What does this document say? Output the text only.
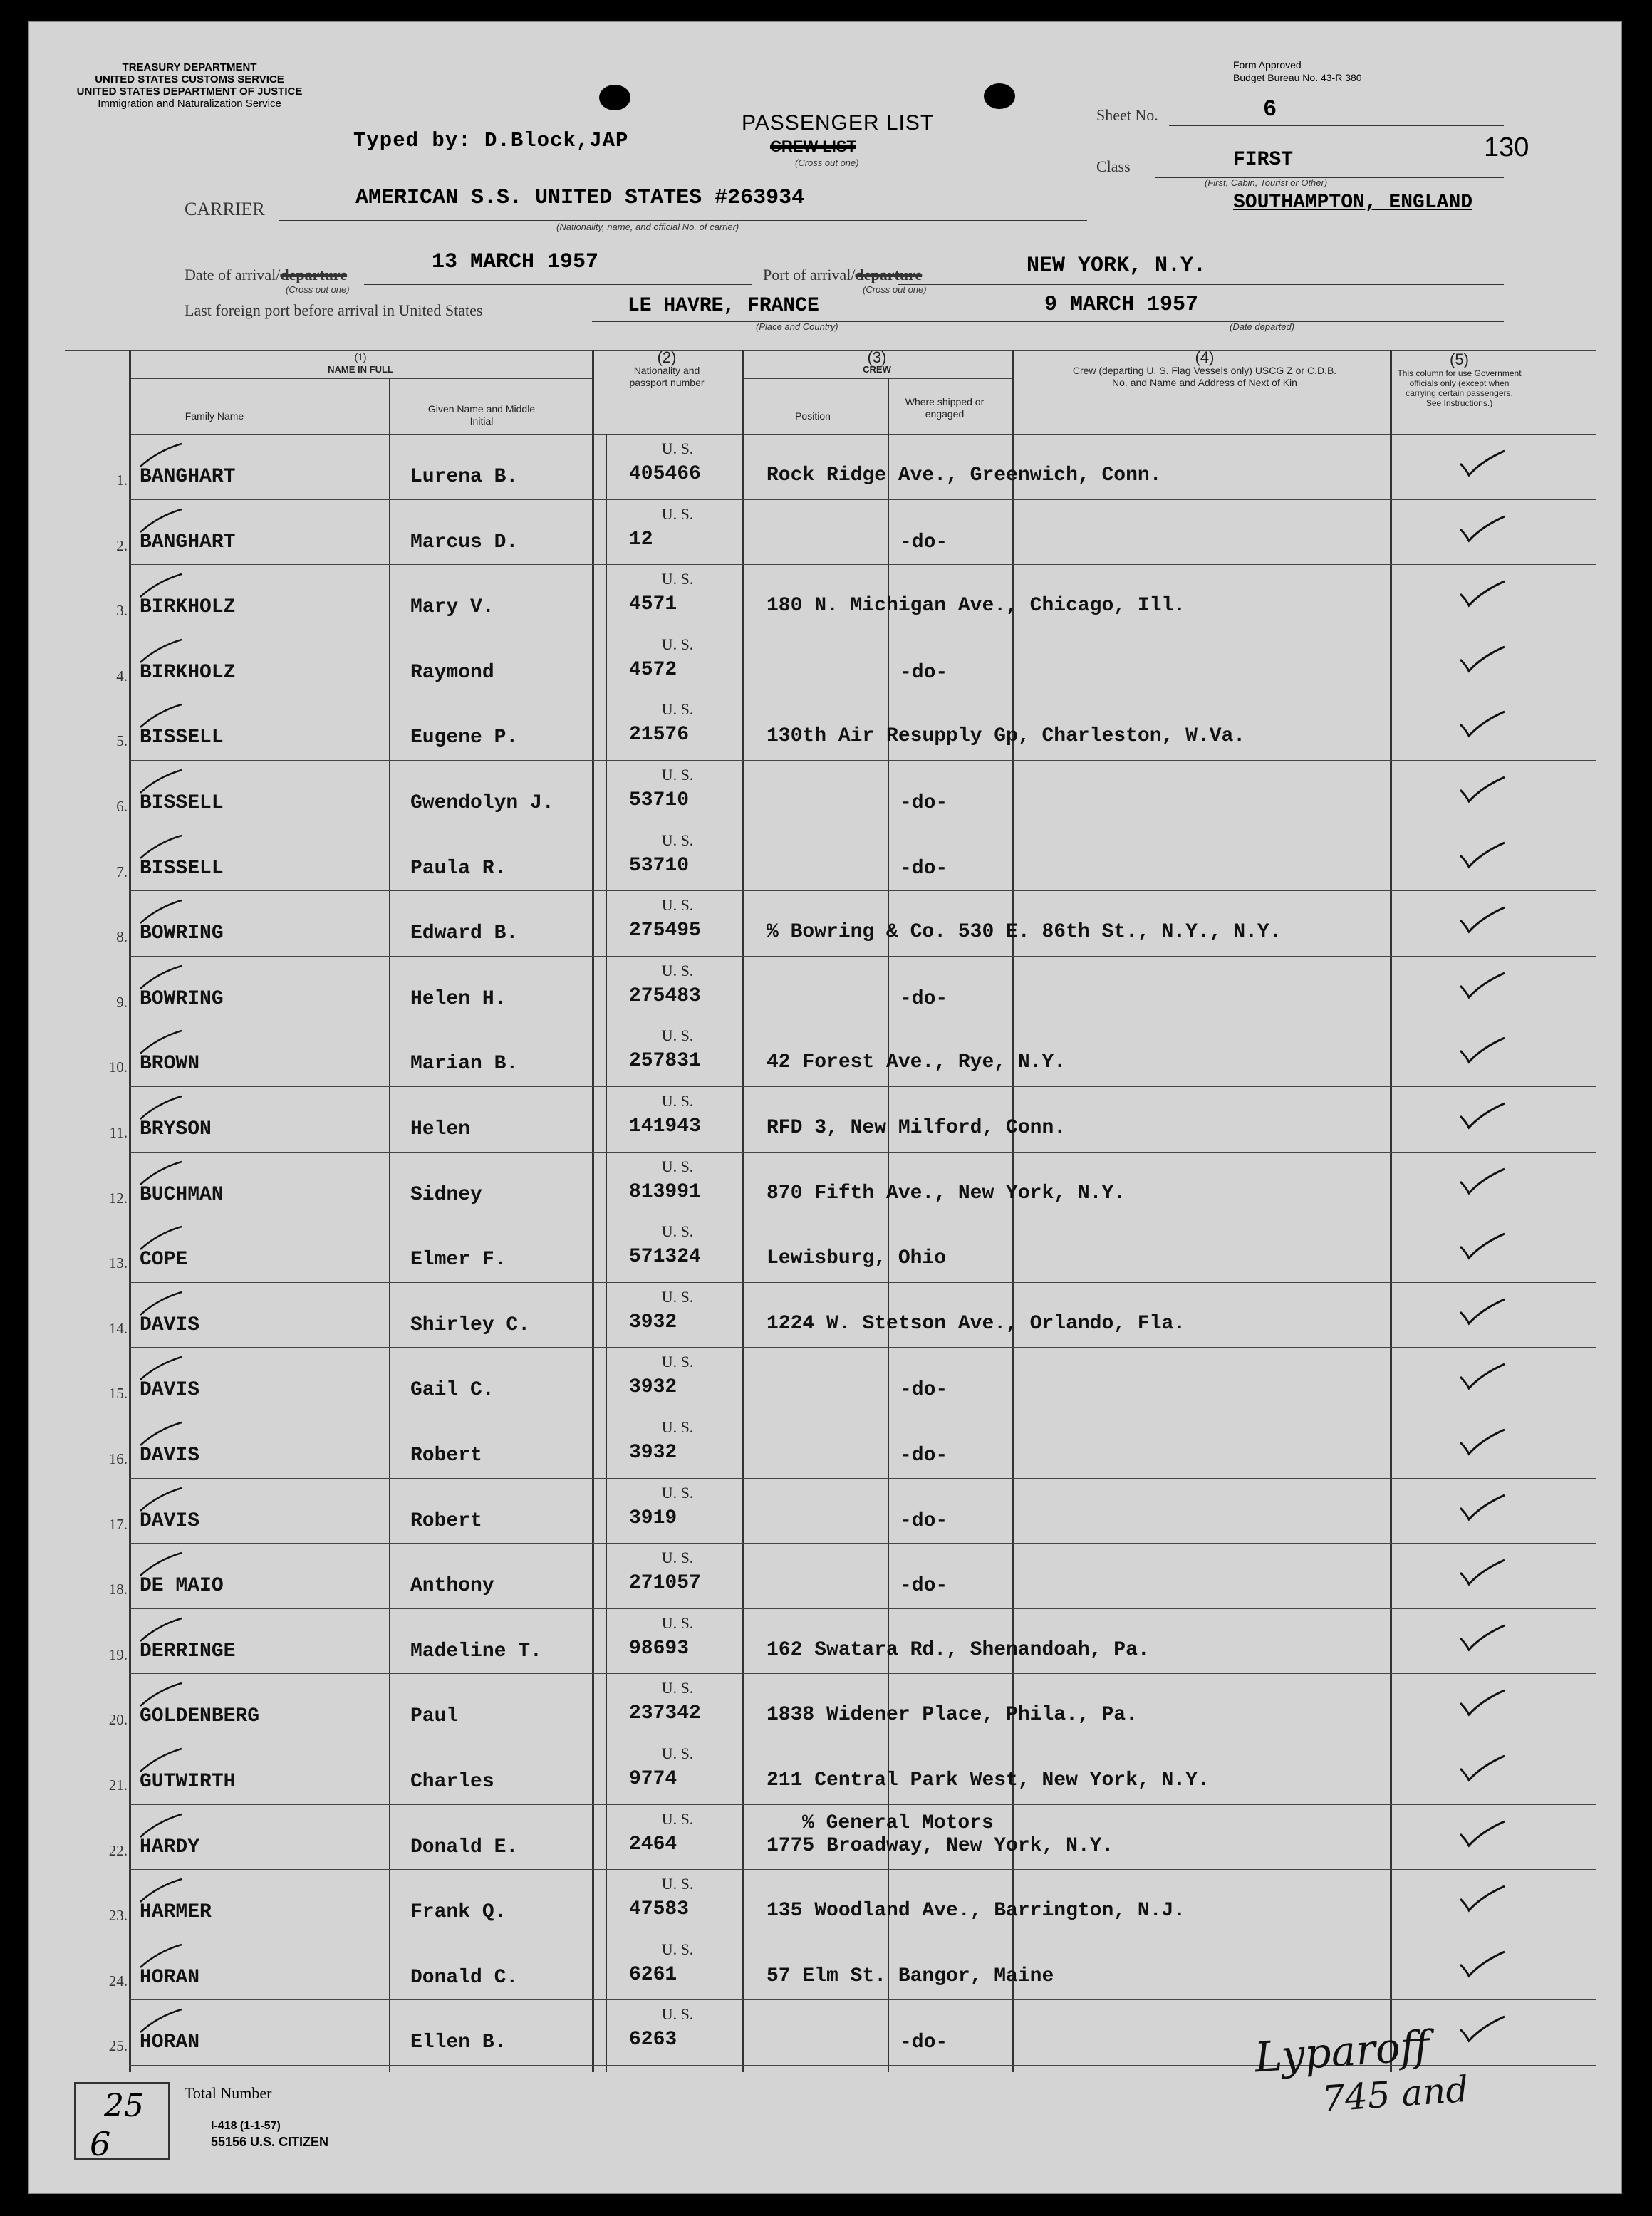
TREASURY DEPARTMENT
UNITED STATES CUSTOMS SERVICE
UNITED STATES DEPARTMENT OF JUSTICE
Immigration and Naturalization Service
Form Approved
Budget Bureau No. 43-R 380
Typed by: D.Block,JAP
PASSENGER LIST
CREW LIST
(Cross out one)
Sheet No.	6
130
Class	FIRST
(First, Cabin, Tourist or Other)
SOUTHAMPTON, ENGLAND
CARRIER	AMERICAN S.S. UNITED STATES #263934
(Nationality, name, and official No. of carrier)
Date of arrival/departure
(Cross out one)
13 MARCH 1957
Port of arrival/departure
(Cross out one)
NEW YORK, N.Y.
Last foreign port before arrival in United States	LE HAVRE, FRANCE
(Place and Country)
9 MARCH 1957
(Date departed)
(1)
NAME IN FULL
Family Name
Given Name and Middle Initial
(2)
Nationality and passport number
(3)
CREW
Position
Where shipped or engaged
(4)
Crew (departing U. S. Flag Vessels only) USCG Z or C.D.B. No. and Name and Address of Next of Kin
(5)
This column for use Government officials only (except when carrying certain passengers. See Instructions.)
1. BANGHART	Lurena B.
U. S.
405466	Rock Ridge Ave., Greenwich, Conn.
2. BANGHART	Marcus D.
U. S.
12	-do-
3. BIRKHOLZ	Mary V.
U. S.
4571	180 N. Michigan Ave., Chicago, Ill.
4. BIRKHOLZ	Raymond
U. S.
4572	-do-
5. BISSELL	Eugene P.
U. S.
21576	130th Air Resupply Gp, Charleston, W.Va.
6. BISSELL	Gwendolyn J.
U. S.
53710	-do-
7. BISSELL	Paula R.
U. S.
53710	-do-
8. BOWRING	Edward B.
U. S.
275495	% Bowring & Co. 530 E. 86th St., N.Y., N.Y.
9. BOWRING	Helen H.
U. S.
275483	-do-
10. BROWN	Marian B.
U. S.
257831	42 Forest Ave., Rye, N.Y.
11. BRYSON	Helen
U. S.
141943	RFD 3, New Milford, Conn.
12. BUCHMAN	Sidney
U. S.
813991	870 Fifth Ave., New York, N.Y.
13. COPE	Elmer F.
U. S.
571324	Lewisburg, Ohio
14. DAVIS	Shirley C.
U. S.
3932	1224 W. Stetson Ave., Orlando, Fla.
15. DAVIS	Gail C.
U. S.
3932	-do-
16. DAVIS	Robert
U. S.
3932	-do-
17. DAVIS	Robert
U. S.
3919	-do-
18. DE MAIO	Anthony
U. S.
271057	-do-
19. DERRINGE	Madeline T.
U. S.
98693	162 Swatara Rd., Shenandoah, Pa.
20. GOLDENBERG	Paul
U. S.
237342	1838 Widener Place, Phila., Pa.
21. GUTWIRTH	Charles
U. S.
9774	211 Central Park West, New York, N.Y.
22. HARDY	Donald E.
U. S.
2464
% General Motors
1775 Broadway, New York, N.Y.
23. HARMER	Frank Q.
U. S.
47583	135 Woodland Ave., Barrington, N.J.
24. HORAN	Donald C.
U. S.
6261	57 Elm St. Bangor, Maine
25. HORAN	Ellen B.
U. S.
6263	-do-
25
6
Total Number
I-418 (1-1-57)
55156 U.S. CITIZEN
Lyparoff
745 and
